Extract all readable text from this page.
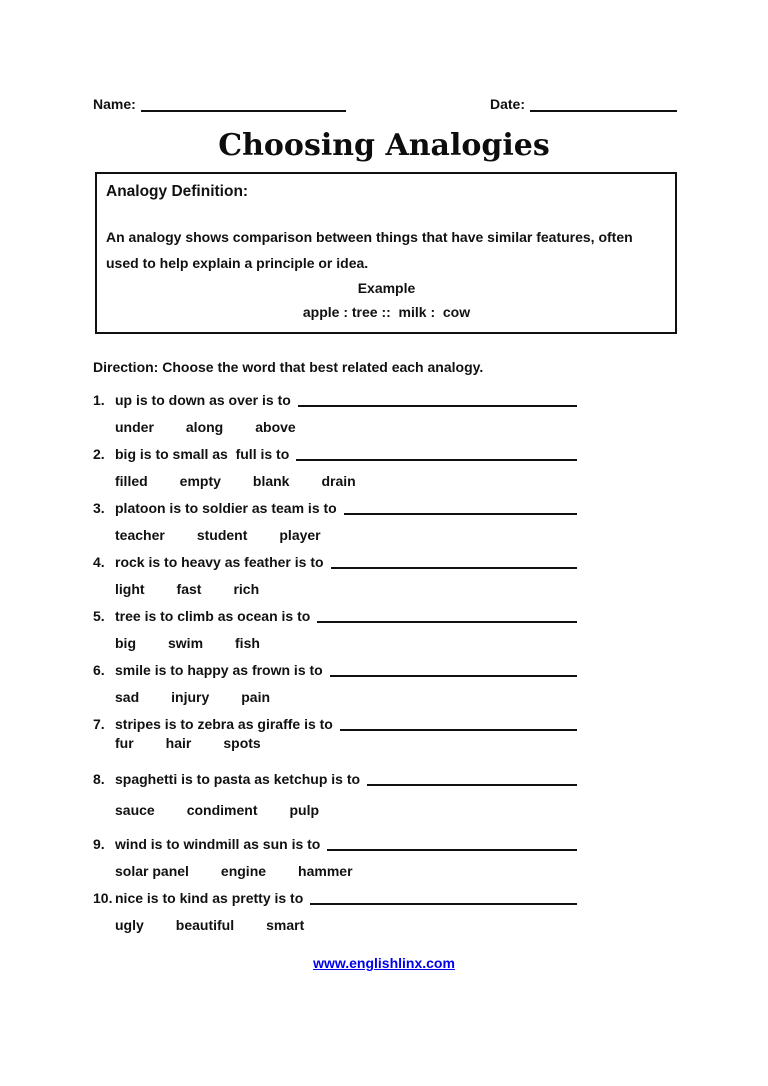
Name:	Date:
Choosing Analogies
Analogy Definition:
An analogy shows comparison between things that have similar features, often used to help explain a principle or idea.
Example
apple : tree ::  milk :  cow
Direction: Choose the word that best related each analogy.
1. up is to down as over is to
under along above
2. big is to small as  full is to
filled empty blank drain
3. platoon is to soldier as team is to
teacher student player
4. rock is to heavy as feather is to
light fast rich
5. tree is to climb as ocean is to
big swim fish
6. smile is to happy as frown is to
sad injury pain
7. stripes is to zebra as giraffe is to
fur hair spots
8. spaghetti is to pasta as ketchup is to
sauce condiment pulp
9. wind is to windmill as sun is to
solar panel engine hammer
10. nice is to kind as pretty is to
ugly beautiful smart
www.englishlinx.com
